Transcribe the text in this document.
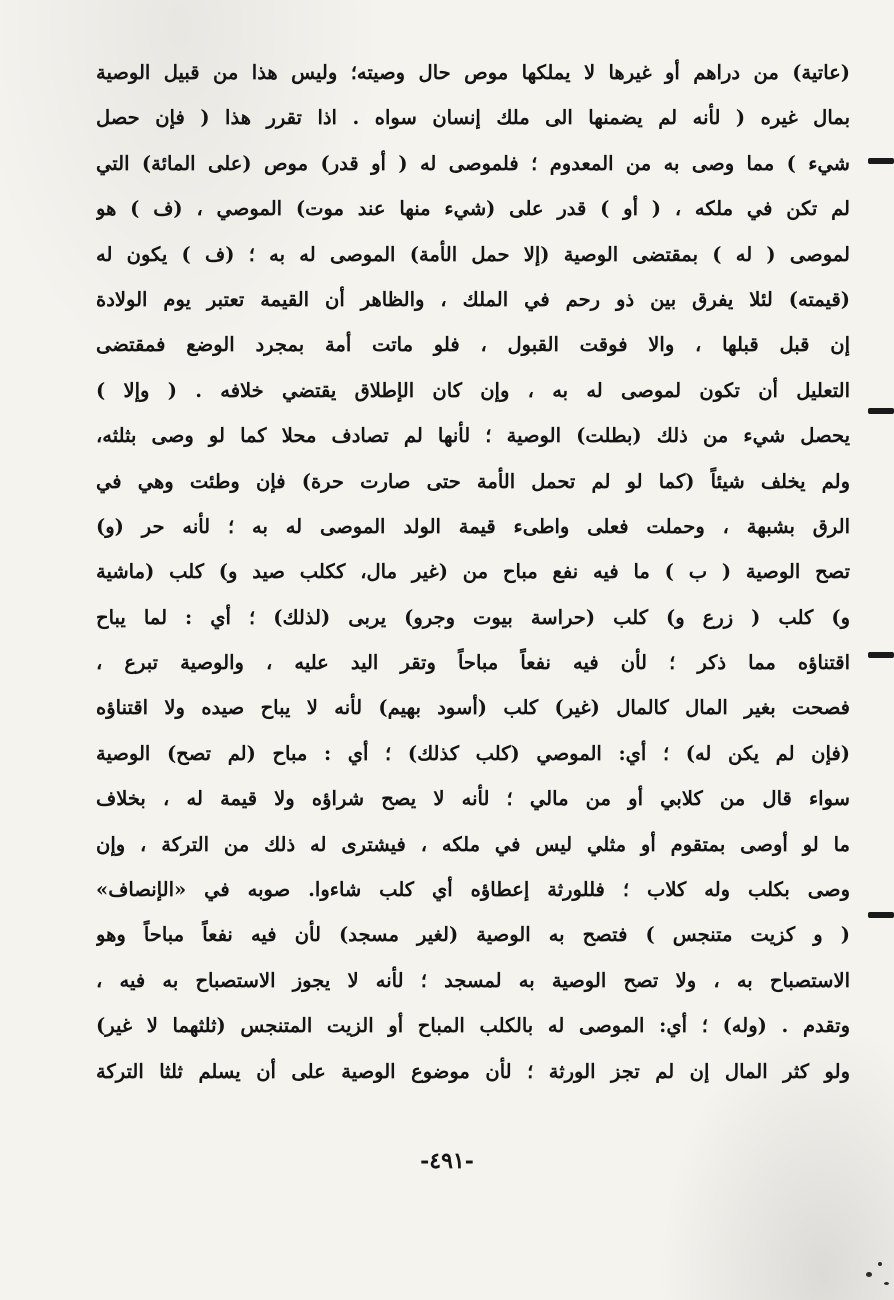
(عاتية) من دراهم أو غيرها لا يملكها موص حال وصيته؛ وليس هذا من قبيل الوصية
بمال غيره ( لأنه لم يضمنها الى ملك إنسان سواه . اذا تقرر هذا ( فإن حصل
شيء ) مما وصى به من المعدوم ؛ فلموصى له ( أو قدر) موص (على المائة) التي
لم تكن في ملكه ، ( أو ) قدر على (شيء منها عند موت) الموصي ، (ف ) هو
لموصى ( له ) بمقتضى الوصية (إلا حمل الأمة) الموصى له به ؛ (ف ) يكون له
(قيمته) لئلا يفرق بين ذو رحم في الملك ، والظاهر أن القيمة تعتبر يوم الولادة
إن قبل قبلها ، والا فوقت القبول ، فلو ماتت أمة بمجرد الوضع فمقتضى
التعليل أن تكون لموصى له به ، وإن كان الإطلاق يقتضي خلافه . ( وإلا )
يحصل شيء من ذلك (بطلت) الوصية ؛ لأنها لم تصادف محلا كما لو وصى بثلثه،
ولم يخلف شيئاً (كما لو لم تحمل الأمة حتى صارت حرة) فإن وطئت وهي في
الرق بشبهة ، وحملت فعلى واطىء قيمة الولد الموصى له به ؛ لأنه حر (و)
تصح الوصية ( ب ) ما فيه نفع مباح من (غير مال، ككلب صيد و) كلب (ماشية
و) كلب ( زرع و) كلب (حراسة بيوت وجرو) يربى (لذلك) ؛ أي : لما يباح
اقتناؤه مما ذكر ؛ لأن فيه نفعاً مباحاً وتقر اليد عليه ، والوصية تبرع ،
فصحت بغير المال كالمال (غير) كلب (أسود بهيم) لأنه لا يباح صيده ولا اقتناؤه
(فإن لم يكن له) ؛ أي: الموصي (كلب كذلك) ؛ أي : مباح (لم تصح) الوصية
سواء قال من كلابي أو من مالي ؛ لأنه لا يصح شراؤه ولا قيمة له ، بخلاف
ما لو أوصى بمتقوم أو مثلي ليس في ملكه ، فيشترى له ذلك من التركة ، وإن
وصى بكلب وله كلاب ؛ فللورثة إعطاؤه أي كلب شاءوا. صوبه في «الإنصاف»
( و كزيت متنجس ) فتصح به الوصية (لغير مسجد) لأن فيه نفعاً مباحاً وهو
الاستصباح به ، ولا تصح الوصية به لمسجد ؛ لأنه لا يجوز الاستصباح به فيه ،
وتقدم . (وله) ؛ أي: الموصى له بالكلب المباح أو الزيت المتنجس (ثلثهما لا غير)
ولو كثر المال إن لم تجز الورثة ؛ لأن موضوع الوصية على أن يسلم ثلثا التركة
-٤٩١-
